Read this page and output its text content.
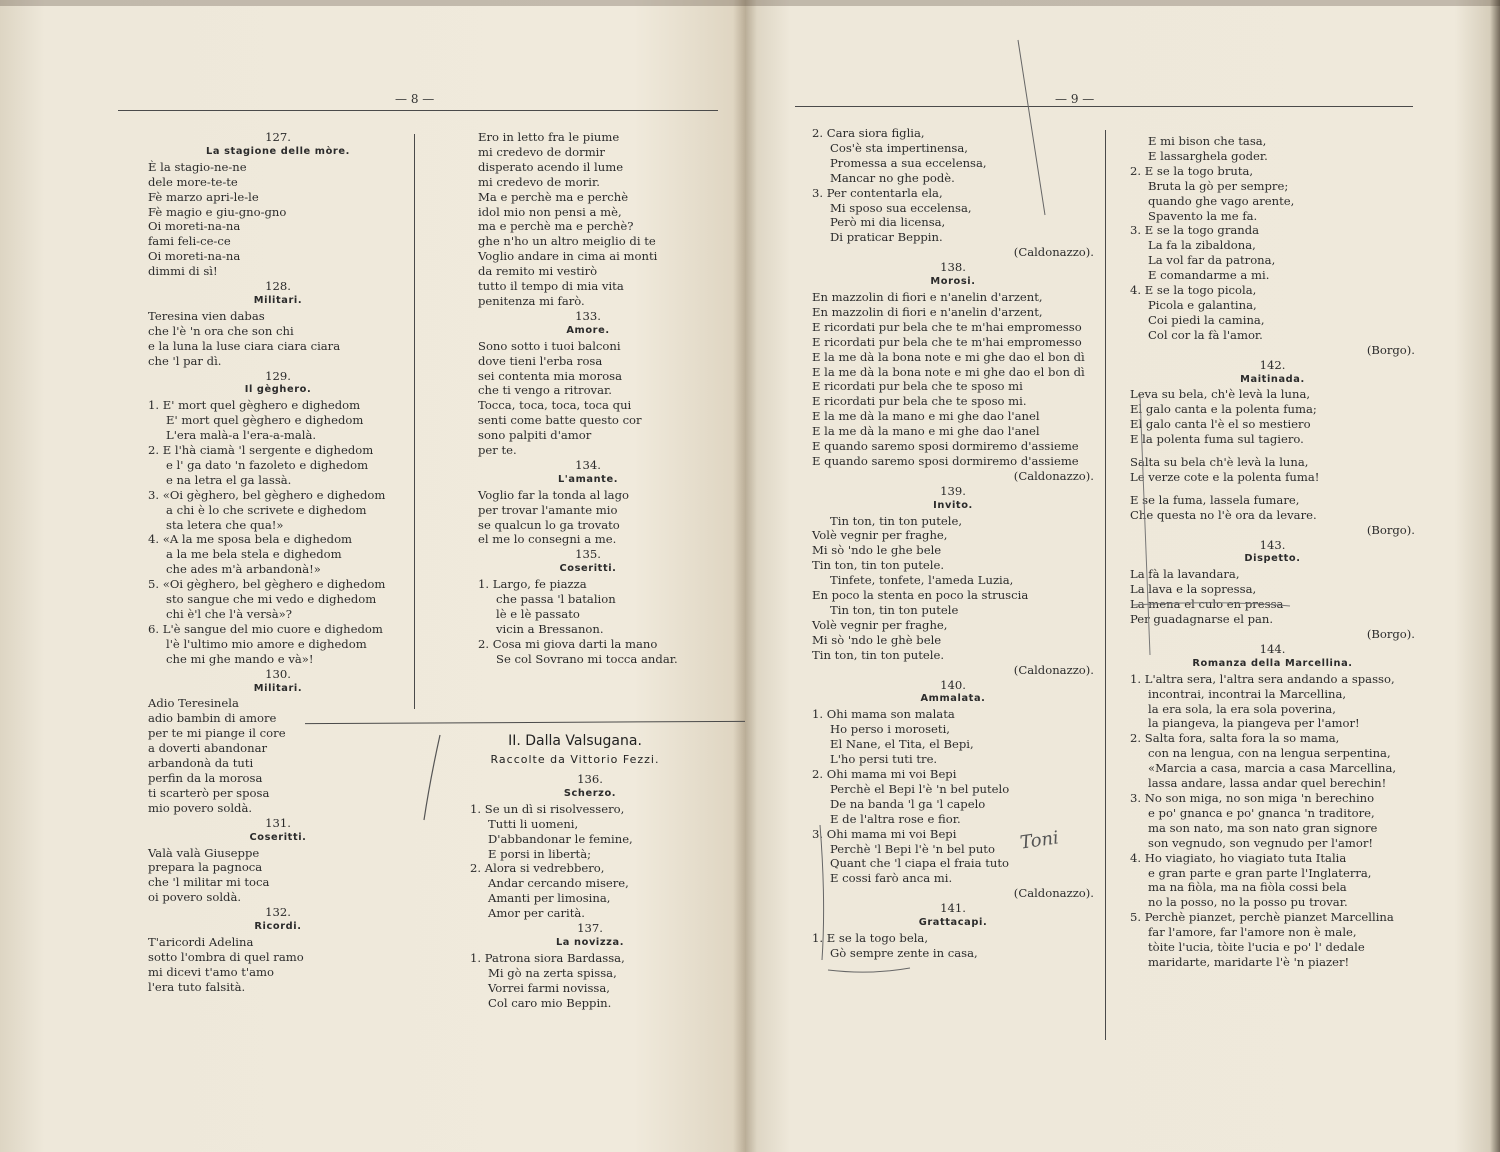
— 8 —	— 9 —
127.
La stagione delle mòre.
È la stagio-ne-ne
dele more-te-te
Fè marzo apri-le-le
Fè magio e giu-gno-gno
Oi moreti-na-na
fami feli-ce-ce
Oi moreti-na-na
dimmi di sì!
128.
Militari.
Teresina vien dabas
che l'è 'n ora che son chi
e la luna la luse ciara ciara ciara
che 'l par dì.
129.
Il gèghero.
1. E' mort quel gèghero e dighedom
E' mort quel gèghero e dighedom
L'era malà-a l'era-a-malà.
2. E l'hà ciamà 'l sergente e dighedom
e l' ga dato 'n fazoleto e dighedom
e na letra el ga lassà.
3. «Oi gèghero, bel gèghero e dighedom
a chi è lo che scrivete e dighedom
sta letera che qua!»
4. «A la me sposa bela e dighedom
a la me bela stela e dighedom
che ades m'à arbandonà!»
5. «Oi gèghero, bel gèghero e dighedom
sto sangue che mi vedo e dighedom
chi è'l che l'à versà»?
6. L'è sangue del mio cuore e dighedom
l'è l'ultimo mio amore e dighedom
che mi ghe mando e và»!
130.
Militari.
Adio Teresinela
adio bambin di amore
per te mi piange il core
a doverti abandonar
arbandonà da tuti
perfin da la morosa
ti scarterò per sposa
mio povero soldà.
131.
Coseritti.
Valà valà Giuseppe
prepara la pagnoca
che 'l militar mi toca
oi povero soldà.
132.
Ricordi.
T'aricordi Adelina
sotto l'ombra di quel ramo
mi dicevi t'amo t'amo
l'era tuto falsità.
Ero in letto fra le piume
mi credevo de dormir
disperato acendo il lume
mi credevo de morir.
Ma e perchè ma e perchè
idol mio non pensi a mè,
ma e perchè ma e perchè?
ghe n'ho un altro meiglio di te
Voglio andare in cima ai monti
da remito mi vestirò
tutto il tempo di mia vita
penitenza mi farò.
133.
Amore.
Sono sotto i tuoi balconi
dove tieni l'erba rosa
sei contenta mia morosa
che ti vengo a ritrovar.
Tocca, toca, toca, toca qui
senti come batte questo cor
sono palpiti d'amor
per te.
134.
L'amante.
Voglio far la tonda al lago
per trovar l'amante mio
se qualcun lo ga trovato
el me lo consegni a me.
135.
Coseritti.
1. Largo, fe piazza
che passa 'l batalion
lè e lè passato
vicin a Bressanon.
2. Cosa mi giova darti la mano
Se col Sovrano mi tocca andar.
II. Dalla Valsugana.
Raccolte da Vittorio Fezzi.
136.
Scherzo.
1. Se un dì si risolvessero,
Tutti li uomeni,
D'abbandonar le femine,
E porsi in libertà;
2. Alora si vedrebbero,
Andar cercando misere,
Amanti per limosina,
Amor per carità.
137.
La novizza.
1. Patrona siora Bardassa,
Mi gò na zerta spissa,
Vorrei farmi novissa,
Col caro mio Beppin.
2. Cara siora figlia,
Cos'è sta impertinensa,
Promessa a sua eccelensa,
Mancar no ghe podè.
3. Per contentarla ela,
Mi sposo sua eccelensa,
Però mi dia licensa,
Di praticar Beppin.
(Caldonazzo).
138.
Morosi.
En mazzolin di fiori e n'anelin d'arzent,
En mazzolin di fiori e n'anelin d'arzent,
E ricordati pur bela che te m'hai empromesso
E ricordati pur bela che te m'hai empromesso
E la me dà la bona note e mi ghe dao el bon dì
E la me dà la bona note e mi ghe dao el bon dì
E ricordati pur bela che te sposo mi
E ricordati pur bela che te sposo mi.
E la me dà la mano e mi ghe dao l'anel
E la me dà la mano e mi ghe dao l'anel
E quando saremo sposi dormiremo d'assieme
E quando saremo sposi dormiremo d'assieme
(Caldonazzo).
139.
Invito.
Tin ton, tin ton putele,
Volè vegnir per fraghe,
Mi sò 'ndo le ghe bele
Tin ton, tin ton putele.
Tinfete, tonfete, l'ameda Luzia,
En poco la stenta en poco la struscia
Tin ton, tin ton putele
Volè vegnir per fraghe,
Mi sò 'ndo le ghè bele
Tin ton, tin ton putele.
(Caldonazzo).
140.
Ammalata.
1. Ohi mama son malata
Ho perso i moroseti,
El Nane, el Tita, el Bepi,
L'ho persi tuti tre.
2. Ohi mama mi voi Bepi
Perchè el Bepi l'è 'n bel putelo
De na banda 'l ga 'l capelo
E de l'altra rose e fior.
3. Ohi mama mi voi Bepi
Perchè 'l Bepi l'è 'n bel puto
Quant che 'l ciapa el fraia tuto
E cossi farò anca mi.
(Caldonazzo).
141.
Grattacapi.
1. E se la togo bela,
Gò sempre zente in casa,
E mi bison che tasa,
E lassarghela goder.
2. E se la togo bruta,
Bruta la gò per sempre;
quando ghe vago arente,
Spavento la me fa.
3. E se la togo granda
La fa la zibaldona,
La vol far da patrona,
E comandarme a mi.
4. E se la togo picola,
Picola e galantina,
Coi piedi la camina,
Col cor la fà l'amor.
(Borgo).
142.
Maitinada.
Leva su bela, ch'è levà la luna,
El galo canta e la polenta fuma;
El galo canta l'è el so mestiero
E la polenta fuma sul tagiero.
Salta su bela ch'è levà la luna,
Le verze cote e la polenta fuma!
E se la fuma, lassela fumare,
Che questa no l'è ora da levare.
(Borgo).
143.
Dispetto.
La fà la lavandara,
La lava e la sopressa,
La mena el culo en pressa
Per guadagnarse el pan.
(Borgo).
144.
Romanza della Marcellina.
1. L'altra sera, l'altra sera andando a spasso,
incontrai, incontrai la Marcellina,
la era sola, la era sola poverina,
la piangeva, la piangeva per l'amor!
2. Salta fora, salta fora la so mama,
con na lengua, con na lengua serpentina,
«Marcia a casa, marcia a casa Marcellina,
lassa andare, lassa andar quel berechin!
3. No son miga, no son miga 'n berechino
e po' gnanca e po' gnanca 'n traditore,
ma son nato, ma son nato gran signore
son vegnudo, son vegnudo per l'amor!
4. Ho viagiato, ho viagiato tuta Italia
e gran parte e gran parte l'Inglaterra,
ma na fiòla, ma na fiòla cossi bela
no la posso, no la posso pu trovar.
5. Perchè pianzet, perchè pianzet Marcellina
far l'amore, far l'amore non è male,
tòite l'ucia, tòite l'ucia e po' l' dedale
maridarte, maridarte l'è 'n piazer!
Toni
